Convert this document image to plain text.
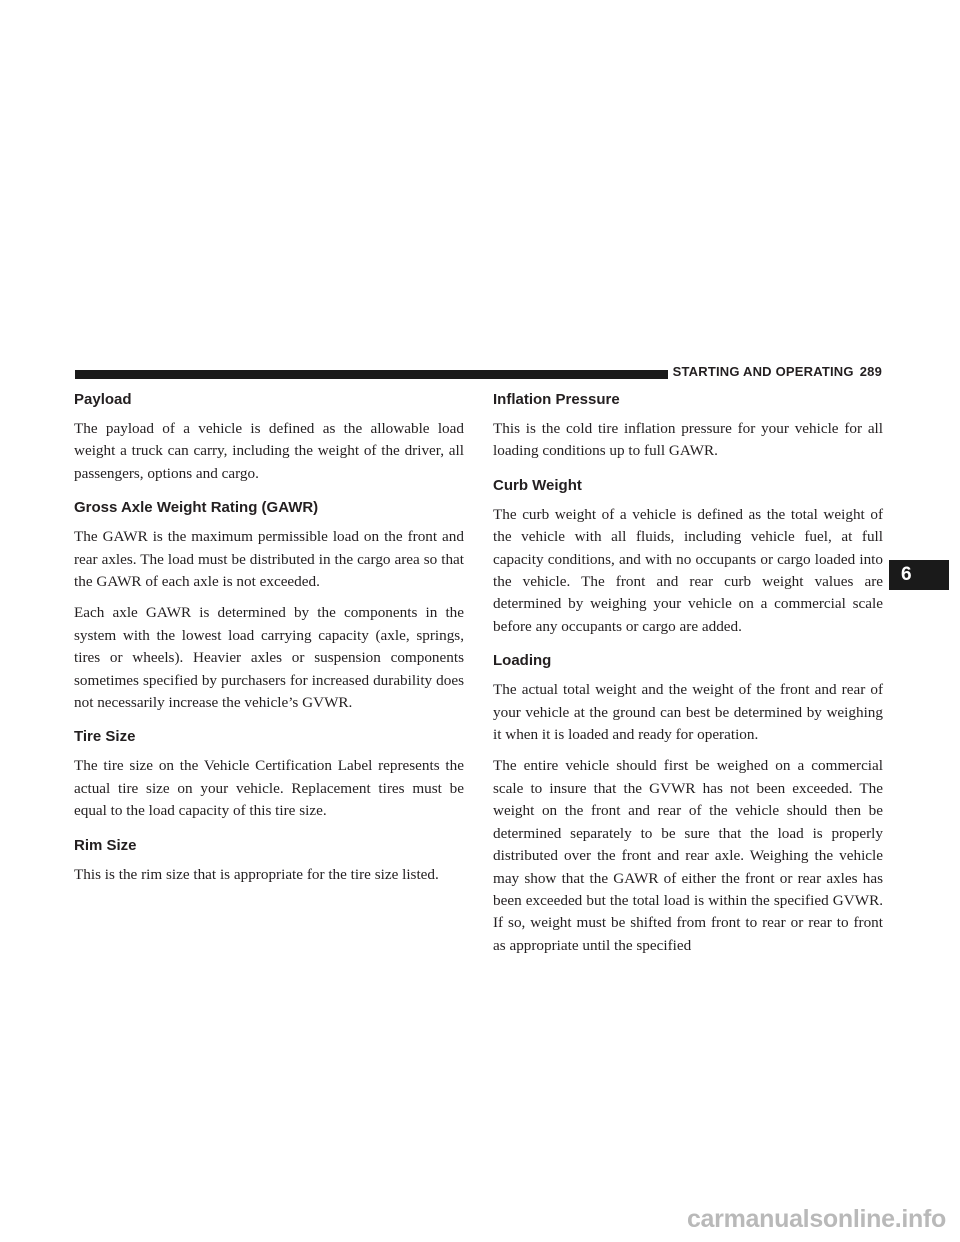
STARTING AND OPERATING 289
6
Payload

The payload of a vehicle is defined as the allowable load weight a truck can carry, including the weight of the driver, all passengers, options and cargo.

Gross Axle Weight Rating (GAWR)

The GAWR is the maximum permissible load on the front and rear axles. The load must be distributed in the cargo area so that the GAWR of each axle is not exceeded.

Each axle GAWR is determined by the components in the system with the lowest load carrying capacity (axle, springs, tires or wheels). Heavier axles or suspension components sometimes specified by purchasers for increased durability does not necessarily increase the vehicle’s GVWR.

Tire Size

The tire size on the Vehicle Certification Label represents the actual tire size on your vehicle. Replacement tires must be equal to the load capacity of this tire size.

Rim Size

This is the rim size that is appropriate for the tire size listed.

Inflation Pressure

This is the cold tire inflation pressure for your vehicle for all loading conditions up to full GAWR.

Curb Weight

The curb weight of a vehicle is defined as the total weight of the vehicle with all fluids, including vehicle fuel, at full capacity conditions, and with no occupants or cargo loaded into the vehicle. The front and rear curb weight values are determined by weighing your vehicle on a commercial scale before any occupants or cargo are added.

Loading

The actual total weight and the weight of the front and rear of your vehicle at the ground can best be determined by weighing it when it is loaded and ready for operation.

The entire vehicle should first be weighed on a commercial scale to insure that the GVWR has not been exceeded. The weight on the front and rear of the vehicle should then be determined separately to be sure that the load is properly distributed over the front and rear axle. Weighing the vehicle may show that the GAWR of either the front or rear axles has been exceeded but the total load is within the specified GVWR. If so, weight must be shifted from front to rear or rear to front as appropriate until the specified

carmanualsonline.info
